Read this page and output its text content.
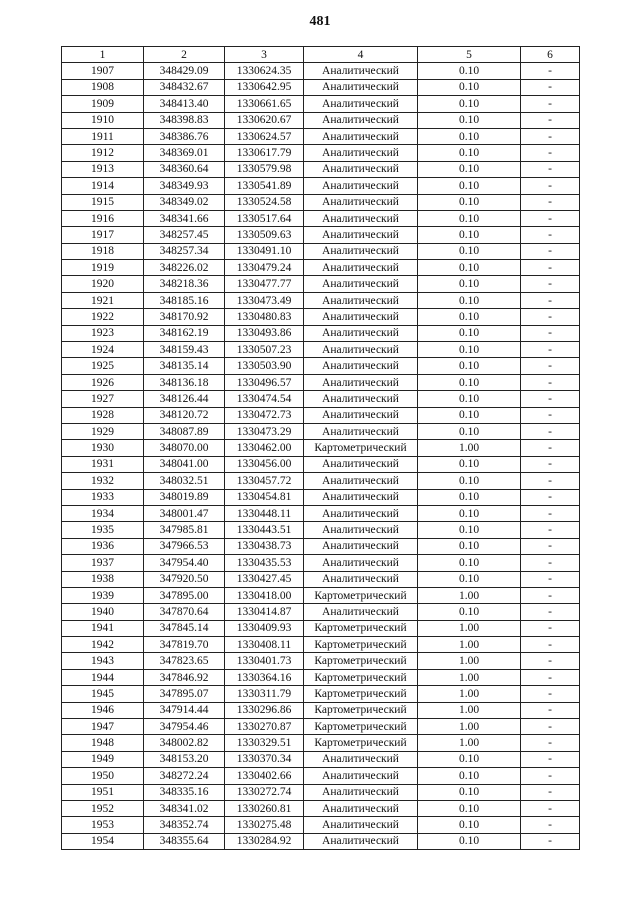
481
1	2	3	4	5	6
1907	348429.09	1330624.35	Аналитический	0.10	-
1908	348432.67	1330642.95	Аналитический	0.10	-
1909	348413.40	1330661.65	Аналитический	0.10	-
1910	348398.83	1330620.67	Аналитический	0.10	-
1911	348386.76	1330624.57	Аналитический	0.10	-
1912	348369.01	1330617.79	Аналитический	0.10	-
1913	348360.64	1330579.98	Аналитический	0.10	-
1914	348349.93	1330541.89	Аналитический	0.10	-
1915	348349.02	1330524.58	Аналитический	0.10	-
1916	348341.66	1330517.64	Аналитический	0.10	-
1917	348257.45	1330509.63	Аналитический	0.10	-
1918	348257.34	1330491.10	Аналитический	0.10	-
1919	348226.02	1330479.24	Аналитический	0.10	-
1920	348218.36	1330477.77	Аналитический	0.10	-
1921	348185.16	1330473.49	Аналитический	0.10	-
1922	348170.92	1330480.83	Аналитический	0.10	-
1923	348162.19	1330493.86	Аналитический	0.10	-
1924	348159.43	1330507.23	Аналитический	0.10	-
1925	348135.14	1330503.90	Аналитический	0.10	-
1926	348136.18	1330496.57	Аналитический	0.10	-
1927	348126.44	1330474.54	Аналитический	0.10	-
1928	348120.72	1330472.73	Аналитический	0.10	-
1929	348087.89	1330473.29	Аналитический	0.10	-
1930	348070.00	1330462.00	Картометрический	1.00	-
1931	348041.00	1330456.00	Аналитический	0.10	-
1932	348032.51	1330457.72	Аналитический	0.10	-
1933	348019.89	1330454.81	Аналитический	0.10	-
1934	348001.47	1330448.11	Аналитический	0.10	-
1935	347985.81	1330443.51	Аналитический	0.10	-
1936	347966.53	1330438.73	Аналитический	0.10	-
1937	347954.40	1330435.53	Аналитический	0.10	-
1938	347920.50	1330427.45	Аналитический	0.10	-
1939	347895.00	1330418.00	Картометрический	1.00	-
1940	347870.64	1330414.87	Аналитический	0.10	-
1941	347845.14	1330409.93	Картометрический	1.00	-
1942	347819.70	1330408.11	Картометрический	1.00	-
1943	347823.65	1330401.73	Картометрический	1.00	-
1944	347846.92	1330364.16	Картометрический	1.00	-
1945	347895.07	1330311.79	Картометрический	1.00	-
1946	347914.44	1330296.86	Картометрический	1.00	-
1947	347954.46	1330270.87	Картометрический	1.00	-
1948	348002.82	1330329.51	Картометрический	1.00	-
1949	348153.20	1330370.34	Аналитический	0.10	-
1950	348272.24	1330402.66	Аналитический	0.10	-
1951	348335.16	1330272.74	Аналитический	0.10	-
1952	348341.02	1330260.81	Аналитический	0.10	-
1953	348352.74	1330275.48	Аналитический	0.10	-
1954	348355.64	1330284.92	Аналитический	0.10	-
